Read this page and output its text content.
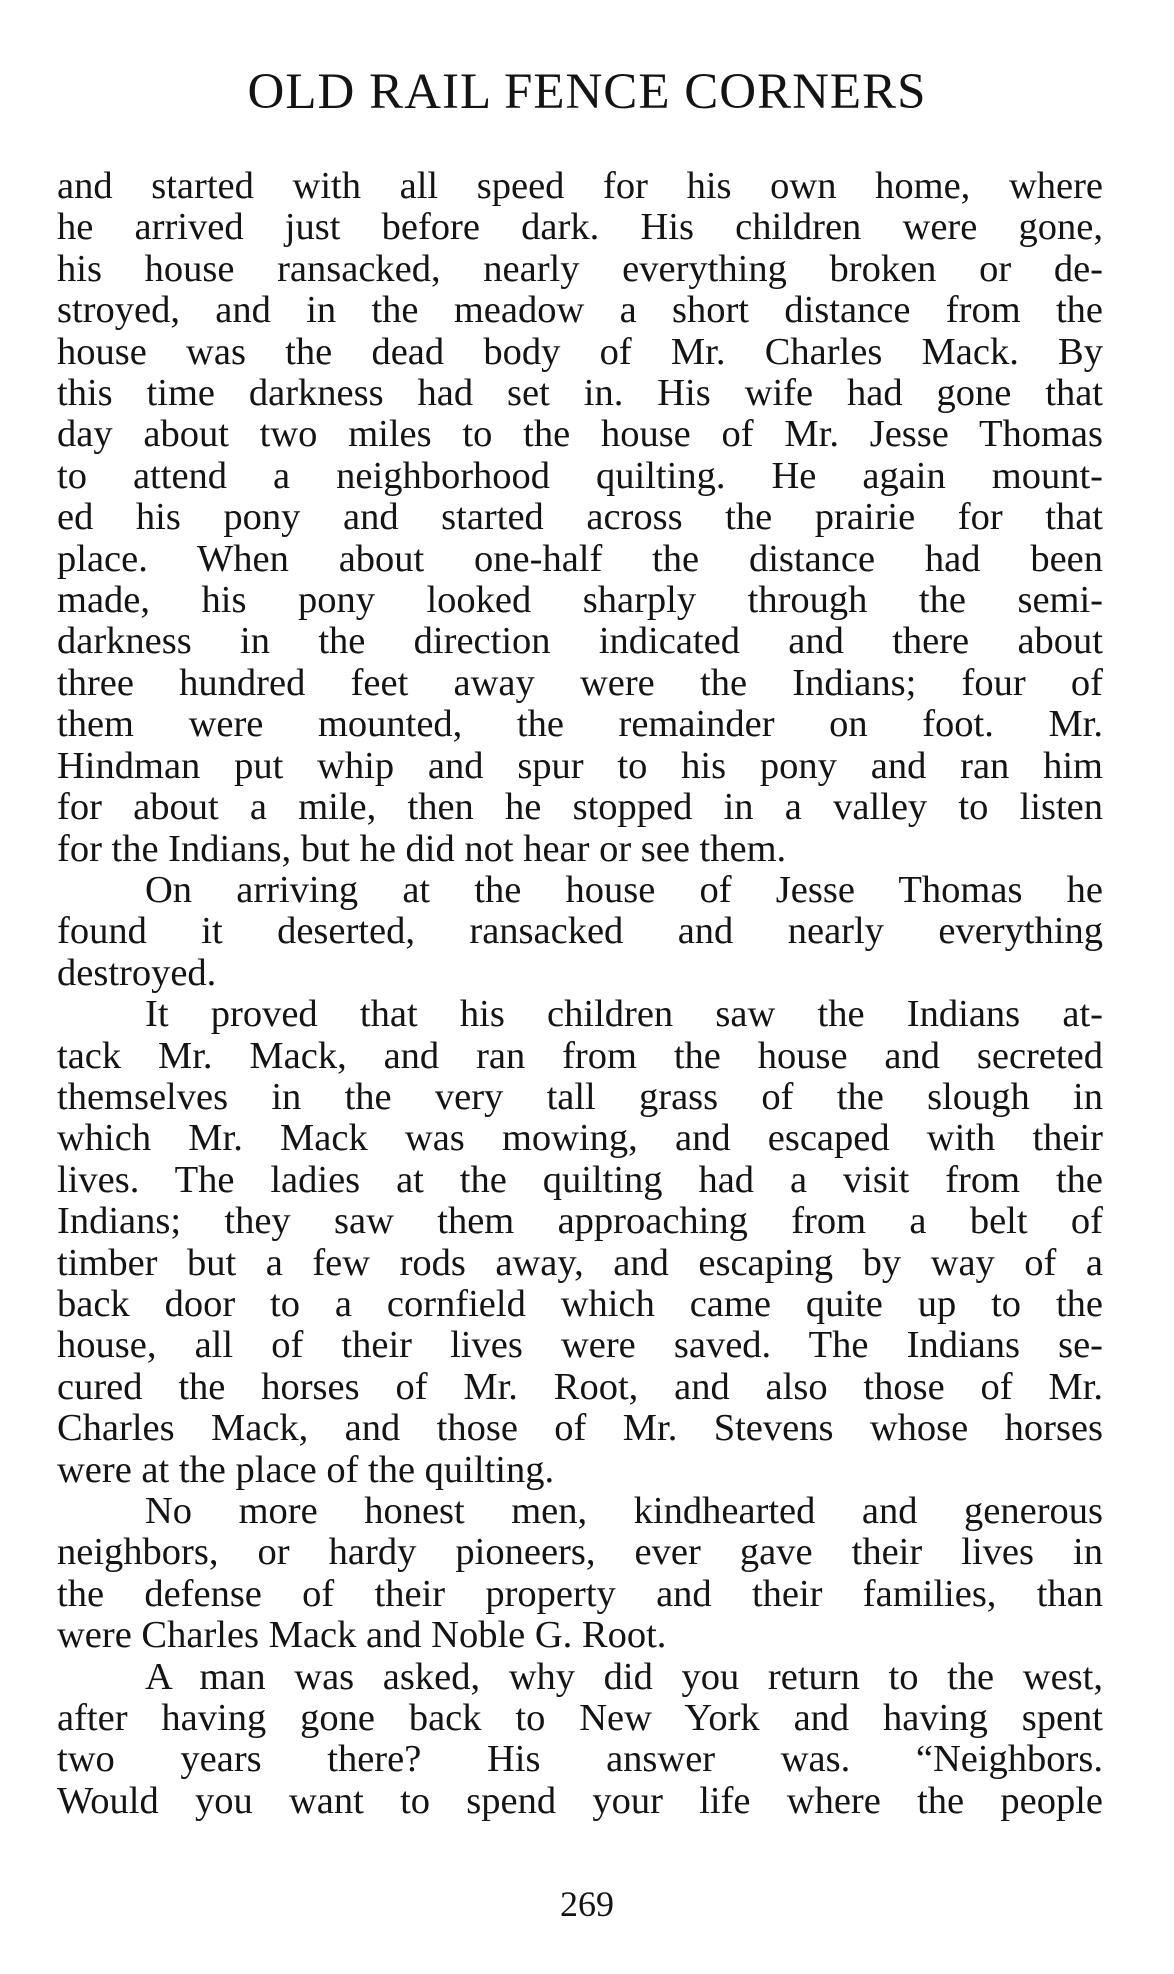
OLD RAIL FENCE CORNERS

and started with all speed for his own home, where
he arrived just before dark. His children were gone,
his house ransacked, nearly everything broken or de-
stroyed, and in the meadow a short distance from the
house was the dead body of Mr. Charles Mack. By
this time darkness had set in. His wife had gone that
day about two miles to the house of Mr. Jesse Thomas
to attend a neighborhood quilting. He again mount-
ed his pony and started across the prairie for that
place. When about one-half the distance had been
made, his pony looked sharply through the semi-
darkness in the direction indicated and there about
three hundred feet away were the Indians; four of
them were mounted, the remainder on foot. Mr.
Hindman put whip and spur to his pony and ran him
for about a mile, then he stopped in a valley to listen
for the Indians, but he did not hear or see them.

On arriving at the house of Jesse Thomas he
found it deserted, ransacked and nearly everything
destroyed.

It proved that his children saw the Indians at-
tack Mr. Mack, and ran from the house and secreted
themselves in the very tall grass of the slough in
which Mr. Mack was mowing, and escaped with their
lives. The ladies at the quilting had a visit from the
Indians; they saw them approaching from a belt of
timber but a few rods away, and escaping by way of a
back door to a cornfield which came quite up to the
house, all of their lives were saved. The Indians se-
cured the horses of Mr. Root, and also those of Mr.
Charles Mack, and those of Mr. Stevens whose horses
were at the place of the quilting.

No more honest men, kindhearted and generous
neighbors, or hardy pioneers, ever gave their lives in
the defense of their property and their families, than
were Charles Mack and Noble G. Root.

A man was asked, why did you return to the west,
after having gone back to New York and having spent
two years there? His answer was. “Neighbors.
Would you want to spend your life where the people

269
